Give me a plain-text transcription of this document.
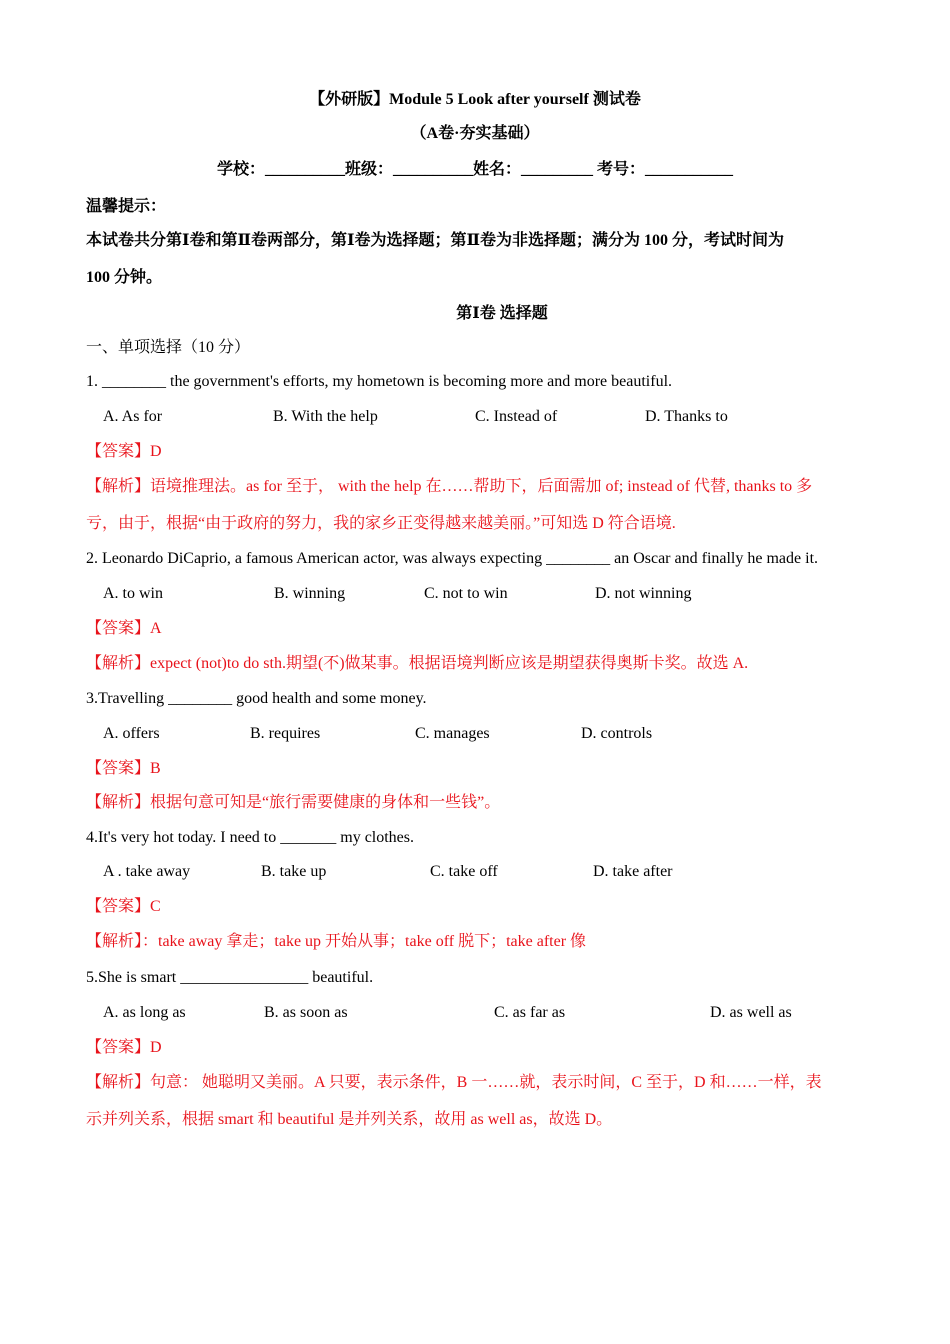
【外研版】Module 5 Look after yourself 测试卷
（A卷·夯实基础）
学校：__________班级：__________姓名：_________ 考号：___________
温馨提示：
本试卷共分第Ⅰ卷和第Ⅱ卷两部分，第Ⅰ卷为选择题；第Ⅱ卷为非选择题；满分为 100 分，考试时间为
100 分钟。
第Ⅰ卷 选择题
一、单项选择（10 分）
1. ________ the government's efforts, my hometown is becoming more and more beautiful.
A. As for	B. With the help	C. Instead of	D. Thanks to
【答案】D
【解析】语境推理法。as for 至于， with the help 在……帮助下，后面需加 of; instead of 代替, thanks to 多
亏，由于，根据“由于政府的努力，我的家乡正变得越来越美丽。”可知选 D 符合语境.
2. Leonardo DiCaprio, a famous American actor, was always expecting ________ an Oscar and finally he made it.
A. to win	B. winning	C. not to win	D. not winning
【答案】A
【解析】expect (not)to do sth.期望(不)做某事。根据语境判断应该是期望获得奥斯卡奖。故选 A.
3.Travelling ________ good health and some money.
A. offers	B. requires	C. manages	D. controls
【答案】B
【解析】根据句意可知是“旅行需要健康的身体和一些钱”。
4.It's very hot today. I need to _______ my clothes.
A . take away	B. take up	C. take off	D. take after
【答案】C
【解析】：take away 拿走；take up 开始从事；take off 脱下；take after 像
5.She is smart ________________ beautiful.
A. as long as	B. as soon as	C. as far as	D. as well as
【答案】D
【解析】句意： 她聪明又美丽。A 只要，表示条件，B 一……就，表示时间，C 至于，D 和……一样，表
示并列关系，根据 smart 和 beautiful 是并列关系，故用 as well as，故选 D。
